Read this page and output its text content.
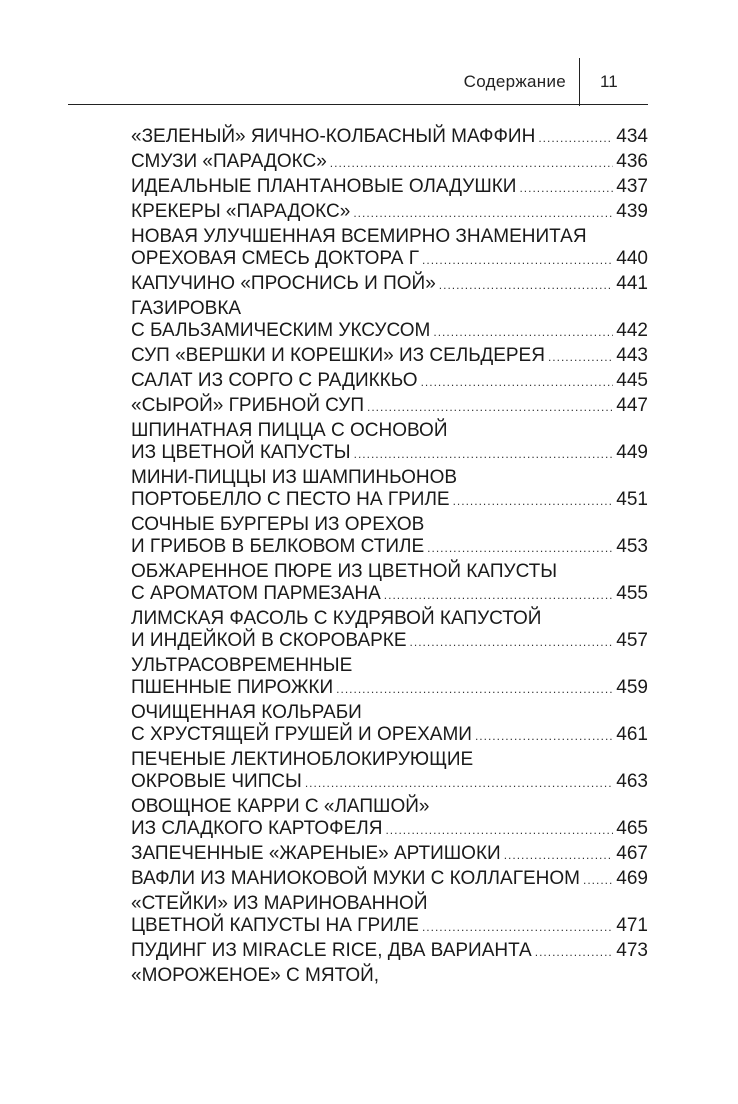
Содержание 11
«ЗЕЛЕНЫЙ» ЯИЧНО-КОЛБАСНЫЙ МАФФИН .....	434
СМУЗИ «ПАРАДОКС» .....	436
ИДЕАЛЬНЫЕ ПЛАНТАНОВЫЕ ОЛАДУШКИ .....	437
КРЕКЕРЫ «ПАРАДОКС» .....	439
НОВАЯ УЛУЧШЕННАЯ ВСЕМИРНО ЗНАМЕНИТАЯ
ОРЕХОВАЯ СМЕСЬ ДОКТОРА Г .....	440
КАПУЧИНО «ПРОСНИСЬ И ПОЙ» .....	441
ГАЗИРОВКА
С БАЛЬЗАМИЧЕСКИМ УКСУСОМ .....	442
СУП «ВЕРШКИ И КОРЕШКИ» ИЗ СЕЛЬДЕРЕЯ .....	443
САЛАТ ИЗ СОРГО С РАДИККЬО .....	445
«СЫРОЙ» ГРИБНОЙ СУП .....	447
ШПИНАТНАЯ ПИЦЦА С ОСНОВОЙ
ИЗ ЦВЕТНОЙ КАПУСТЫ .....	449
МИНИ-ПИЦЦЫ ИЗ ШАМПИНЬОНОВ
ПОРТОБЕЛЛО С ПЕСТО НА ГРИЛЕ .....	451
СОЧНЫЕ БУРГЕРЫ ИЗ ОРЕХОВ
И ГРИБОВ В БЕЛКОВОМ СТИЛЕ .....	453
ОБЖАРЕННОЕ ПЮРЕ ИЗ ЦВЕТНОЙ КАПУСТЫ
С АРОМАТОМ ПАРМЕЗАНА .....	455
ЛИМСКАЯ ФАСОЛЬ С КУДРЯВОЙ КАПУСТОЙ
И ИНДЕЙКОЙ В СКОРОВАРКЕ .....	457
УЛЬТРАСОВРЕМЕННЫЕ
ПШЕННЫЕ ПИРОЖКИ .....	459
ОЧИЩЕННАЯ КОЛЬРАБИ
С ХРУСТЯЩЕЙ ГРУШЕЙ И ОРЕХАМИ .....	461
ПЕЧЕНЫЕ ЛЕКТИНОБЛОКИРУЮЩИЕ
ОКРОВЫЕ ЧИПСЫ .....	463
ОВОЩНОЕ КАРРИ С «ЛАПШОЙ»
ИЗ СЛАДКОГО КАРТОФЕЛЯ .....	465
ЗАПЕЧЕННЫЕ «ЖАРЕНЫЕ» АРТИШОКИ .....	467
ВАФЛИ ИЗ МАНИОКОВОЙ МУКИ С КОЛЛАГЕНОМ ..... 469
«СТЕЙКИ» ИЗ МАРИНОВАННОЙ
ЦВЕТНОЙ КАПУСТЫ НА ГРИЛЕ .....	471
ПУДИНГ ИЗ MIRACLE RICE, ДВА ВАРИАНТА .....	473
«МОРОЖЕНОЕ» С МЯТОЙ,
